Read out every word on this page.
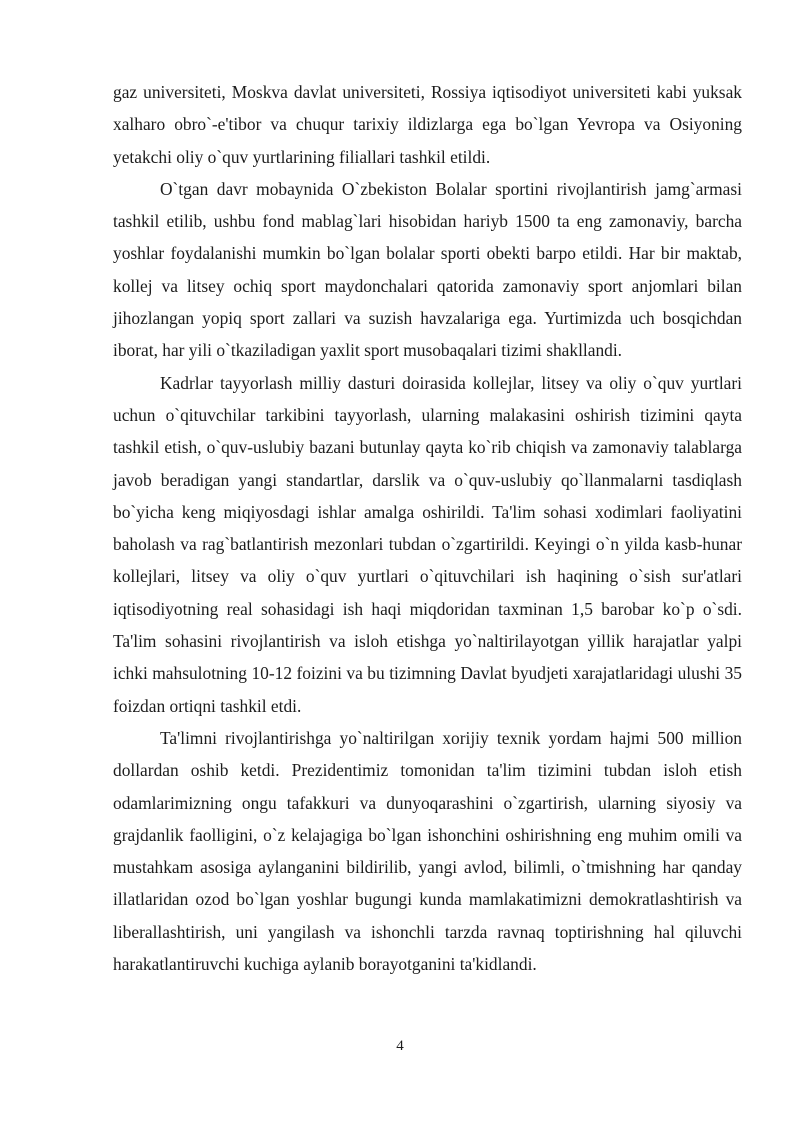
gaz universiteti, Moskva davlat universiteti, Rossiya iqtisodiyot universiteti kabi yuksak xalharo obro`-e'tibor va chuqur tarixiy ildizlarga ega bo`lgan Yevropa va Osiyoning yetakchi oliy o`quv yurtlarining filiallari tashkil etildi.

O`tgan davr mobaynida O`zbekiston Bolalar sportini rivojlantirish jamg`armasi tashkil etilib, ushbu fond mablag`lari hisobidan hariyb 1500 ta eng zamonaviy, barcha yoshlar foydalanishi mumkin bo`lgan bolalar sporti obekti barpo etildi. Har bir maktab, kollej va litsey ochiq sport maydonchalari qatorida zamonaviy sport anjomlari bilan jihozlangan yopiq sport zallari va suzish havzalariga ega. Yurtimizda uch bosqichdan iborat, har yili o`tkaziladigan yaxlit sport musobaqalari tizimi shakllandi.

Kadrlar tayyorlash milliy dasturi doirasida kollejlar, litsey va oliy o`quv yurtlari uchun o`qituvchilar tarkibini tayyorlash, ularning malakasini oshirish tizimini qayta tashkil etish, o`quv-uslubiy bazani butunlay qayta ko`rib chiqish va zamonaviy talablarga javob beradigan yangi standartlar, darslik va o`quv-uslubiy qo`llanmalarni tasdiqlash bo`yicha keng miqiyosdagi ishlar amalga oshirildi. Ta'lim sohasi xodimlari faoliyatini baholash va rag`batlantirish mezonlari tubdan o`zgartirildi. Keyingi o`n yilda kasb-hunar kollejlari, litsey va oliy o`quv yurtlari o`qituvchilari ish haqining o`sish sur'atlari iqtisodiyotning real sohasidagi ish haqi miqdoridan taxminan 1,5 barobar ko`p o`sdi. Ta'lim sohasini rivojlantirish va isloh etishga yo`naltirilayotgan yillik harajatlar yalpi ichki mahsulotning 10-12 foizini va bu tizimning Davlat byudjeti xarajatlaridagi ulushi 35 foizdan ortiqni tashkil etdi.

Ta'limni rivojlantirishga yo`naltirilgan xorijiy texnik yordam hajmi 500 million dollardan oshib ketdi. Prezidentimiz tomonidan ta'lim tizimini tubdan isloh etish odamlarimizning ongu tafakkuri va dunyoqarashini o`zgartirish, ularning siyosiy va grajdanlik faolligini, o`z kelajagiga bo`lgan ishonchini oshirishning eng muhim omili va mustahkam asosiga aylanganini bildirilib, yangi avlod, bilimli, o`tmishning har qanday illatlaridan ozod bo`lgan yoshlar bugungi kunda mamlakatimizni demokratlashtirish va liberallashtirish, uni yangilash va ishonchli tarzda ravnaq toptirishning hal qiluvchi harakatlantiruvchi kuchiga aylanib borayotganini ta'kidlandi.

4
